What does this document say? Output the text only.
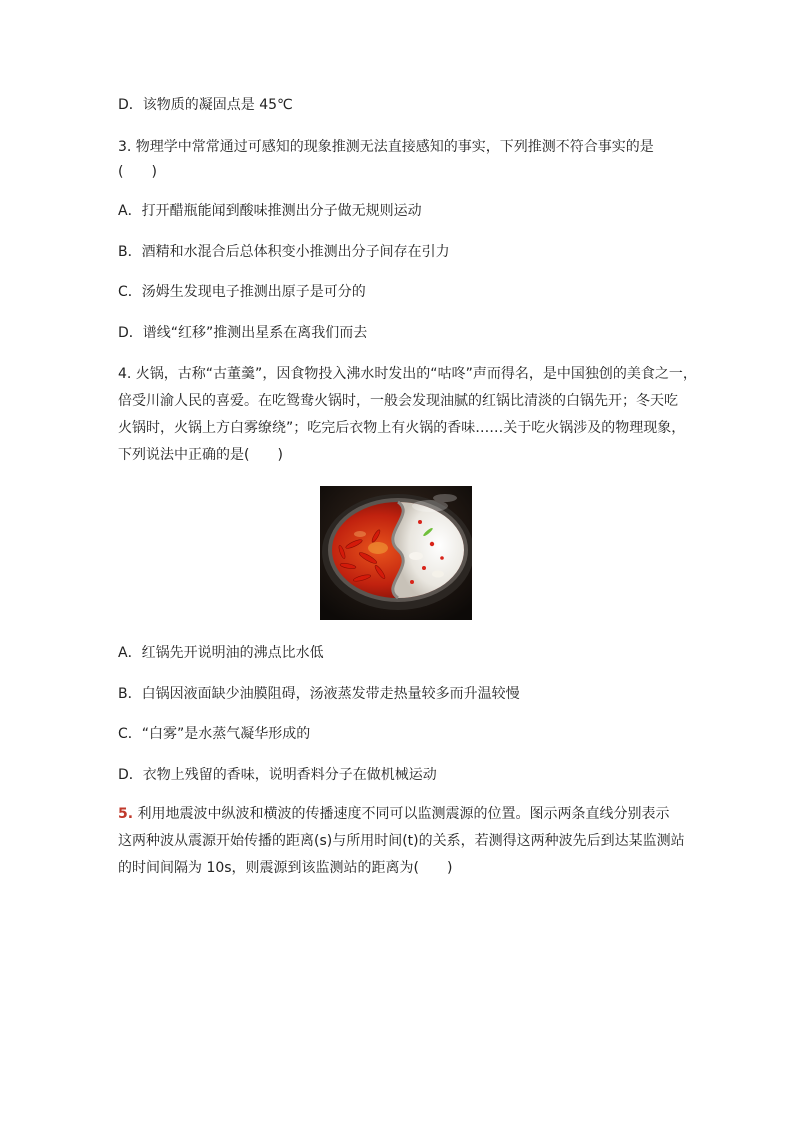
D．该物质的凝固点是 45℃
3. 物理学中常常通过可感知的现象推测无法直接感知的事实，下列推测不符合事实的是
(　　)
A．打开醋瓶能闻到酸味推测出分子做无规则运动
B．酒精和水混合后总体积变小推测出分子间存在引力
C．汤姆生发现电子推测出原子是可分的
D．谱线“红移”推测出星系在离我们而去
4. 火锅，古称“古董羹”，因食物投入沸水时发出的“咕咚”声而得名，是中国独创的美食之一，
倍受川渝人民的喜爱。在吃鸳鸯火锅时，一般会发现油腻的红锅比清淡的白锅先开；冬天吃
火锅时，火锅上方白雾缭绕”；吃完后衣物上有火锅的香味……关于吃火锅涉及的物理现象，
下列说法中正确的是(　　)
A．红锅先开说明油的沸点比水低
B．白锅因液面缺少油膜阻碍，汤液蒸发带走热量较多而升温较慢
C．“白雾”是水蒸气凝华形成的
D．衣物上残留的香味，说明香料分子在做机械运动
5. 利用地震波中纵波和横波的传播速度不同可以监测震源的位置。图示两条直线分别表示
这两种波从震源开始传播的距离(s)与所用时间(t)的关系，若测得这两种波先后到达某监测站
的时间间隔为 10s，则震源到该监测站的距离为(　　)
